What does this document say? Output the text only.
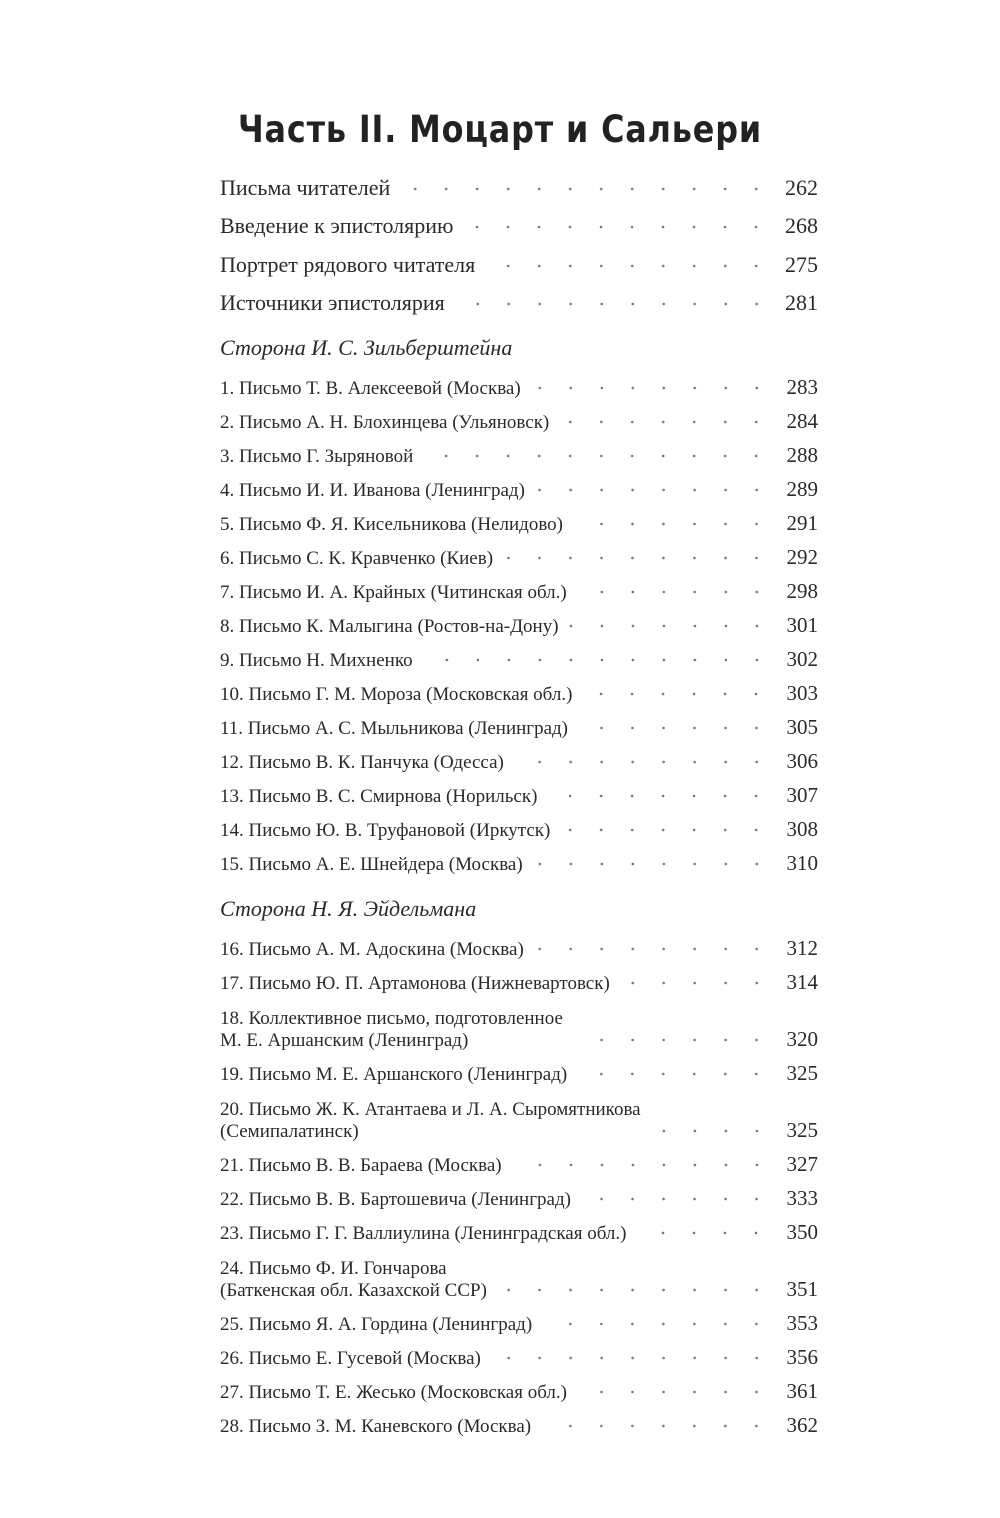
Часть II. Моцарт и Сальери
Письма читателей	262
Введение к эпистолярию	268
Портрет рядового читателя	275
Источники эпистолярия	281
Сторона И. С. Зильберштейна
1. Письмо Т. В. Алексеевой (Москва)	283
2. Письмо А. Н. Блохинцева (Ульяновск)	284
3. Письмо Г. Зыряновой	288
4. Письмо И. И. Иванова (Ленинград)	289
5. Письмо Ф. Я. Кисельникова (Нелидово)	291
6. Письмо С. К. Кравченко (Киев)	292
7. Письмо И. А. Крайных (Читинская обл.)	298
8. Письмо К. Малыгина (Ростов-на-Дону)	301
9. Письмо Н. Михненко	302
10. Письмо Г. М. Мороза (Московская обл.)	303
11. Письмо А. С. Мыльникова (Ленинград)	305
12. Письмо В. К. Панчука (Одесса)	306
13. Письмо В. С. Смирнова (Норильск)	307
14. Письмо Ю. В. Труфановой (Иркутск)	308
15. Письмо А. Е. Шнейдера (Москва)	310
Сторона Н. Я. Эйдельмана
16. Письмо А. М. Адоскина (Москва)	312
17. Письмо Ю. П. Артамонова (Нижневартовск)	314
18. Коллективное письмо, подготовленное
М. Е. Аршанским (Ленинград)	320
19. Письмо М. Е. Аршанского (Ленинград)	325
20. Письмо Ж. К. Атантаева и Л. А. Сыромятникова
(Семипалатинск)	325
21. Письмо В. В. Бараева (Москва)	327
22. Письмо В. В. Бартошевича (Ленинград)	333
23. Письмо Г. Г. Валлиулина (Ленинградская обл.)	350
24. Письмо Ф. И. Гончарова
(Баткенская обл. Казахской ССР)	351
25. Письмо Я. А. Гордина (Ленинград)	353
26. Письмо Е. Гусевой (Москва)	356
27. Письмо Т. Е. Жесько (Московская обл.)	361
28. Письмо З. М. Каневского (Москва)	362
